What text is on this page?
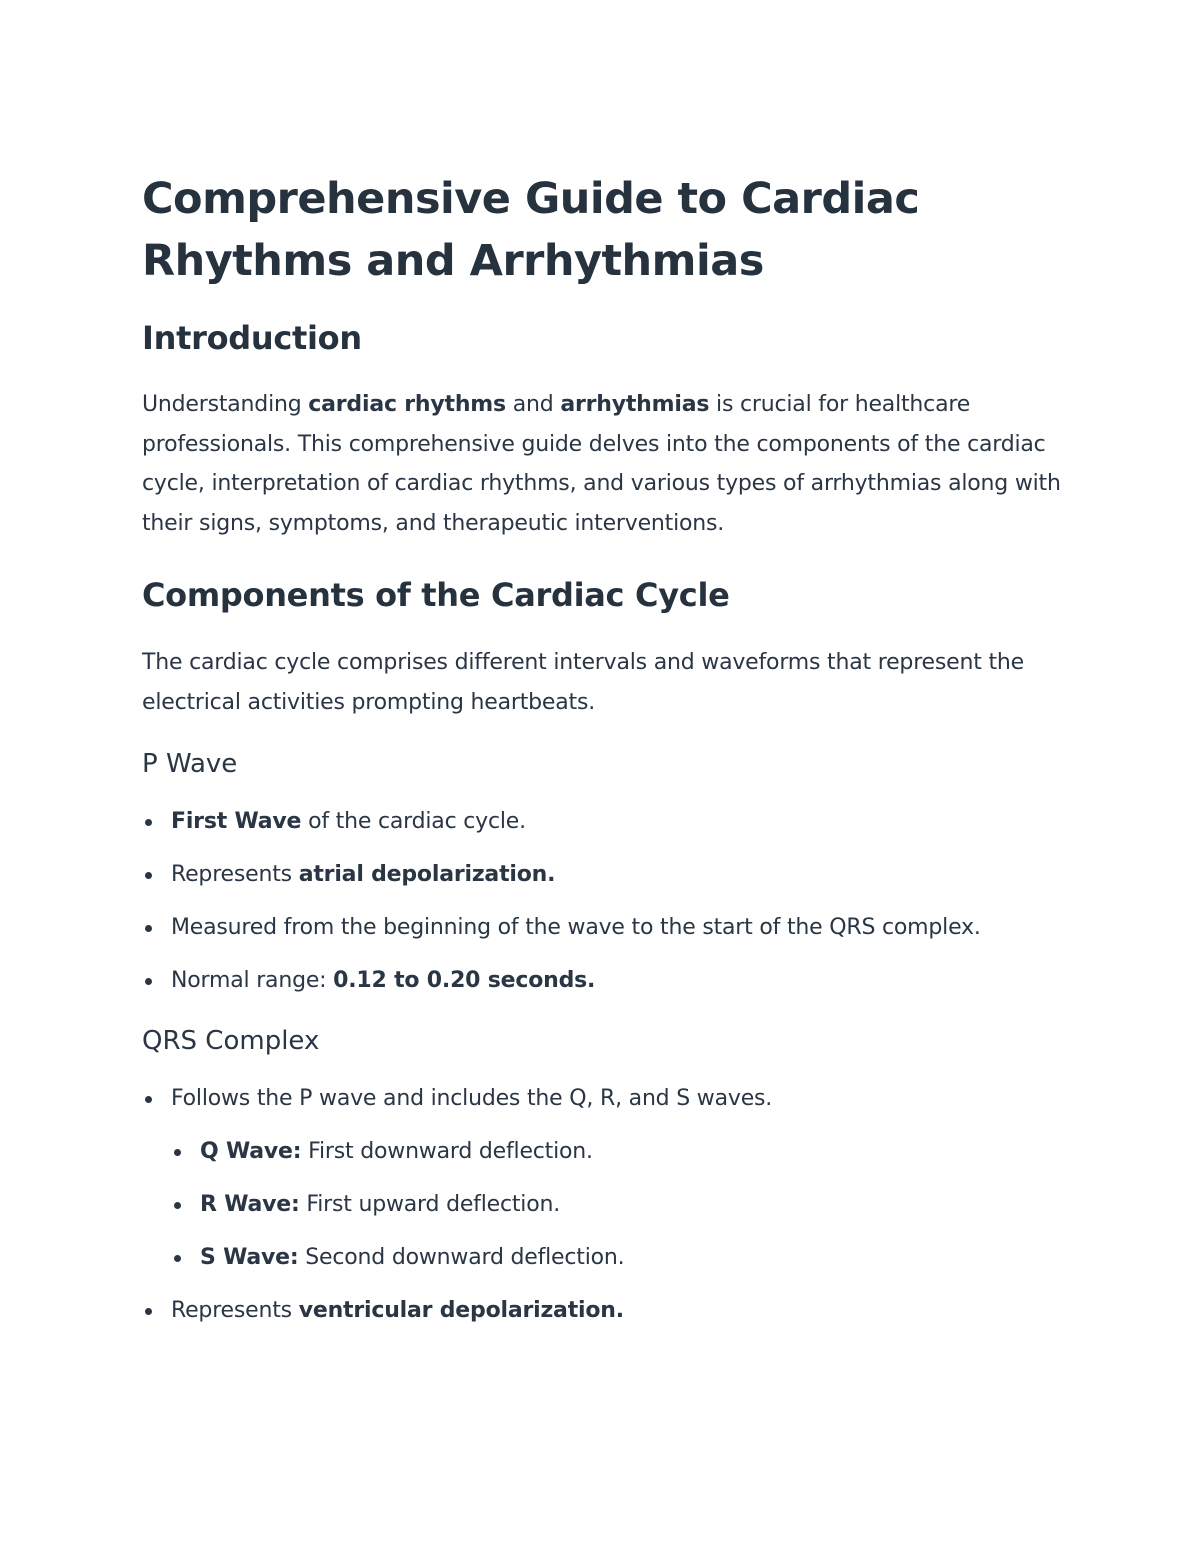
Comprehensive Guide to Cardiac Rhythms and Arrhythmias
Introduction

Understanding cardiac rhythms and arrhythmias is crucial for healthcare professionals. This comprehensive guide delves into the components of the cardiac cycle, interpretation of cardiac rhythms, and various types of arrhythmias along with their signs, symptoms, and therapeutic interventions.

Components of the Cardiac Cycle

The cardiac cycle comprises different intervals and waveforms that represent the electrical activities prompting heartbeats.

P Wave
First Wave of the cardiac cycle.
Represents atrial depolarization.
Measured from the beginning of the wave to the start of the QRS complex.
Normal range: 0.12 to 0.20 seconds.
QRS Complex
Follows the P wave and includes the Q, R, and S waves.
Q Wave: First downward deflection.
R Wave: First upward deflection.
S Wave: Second downward deflection.
Represents ventricular depolarization.
